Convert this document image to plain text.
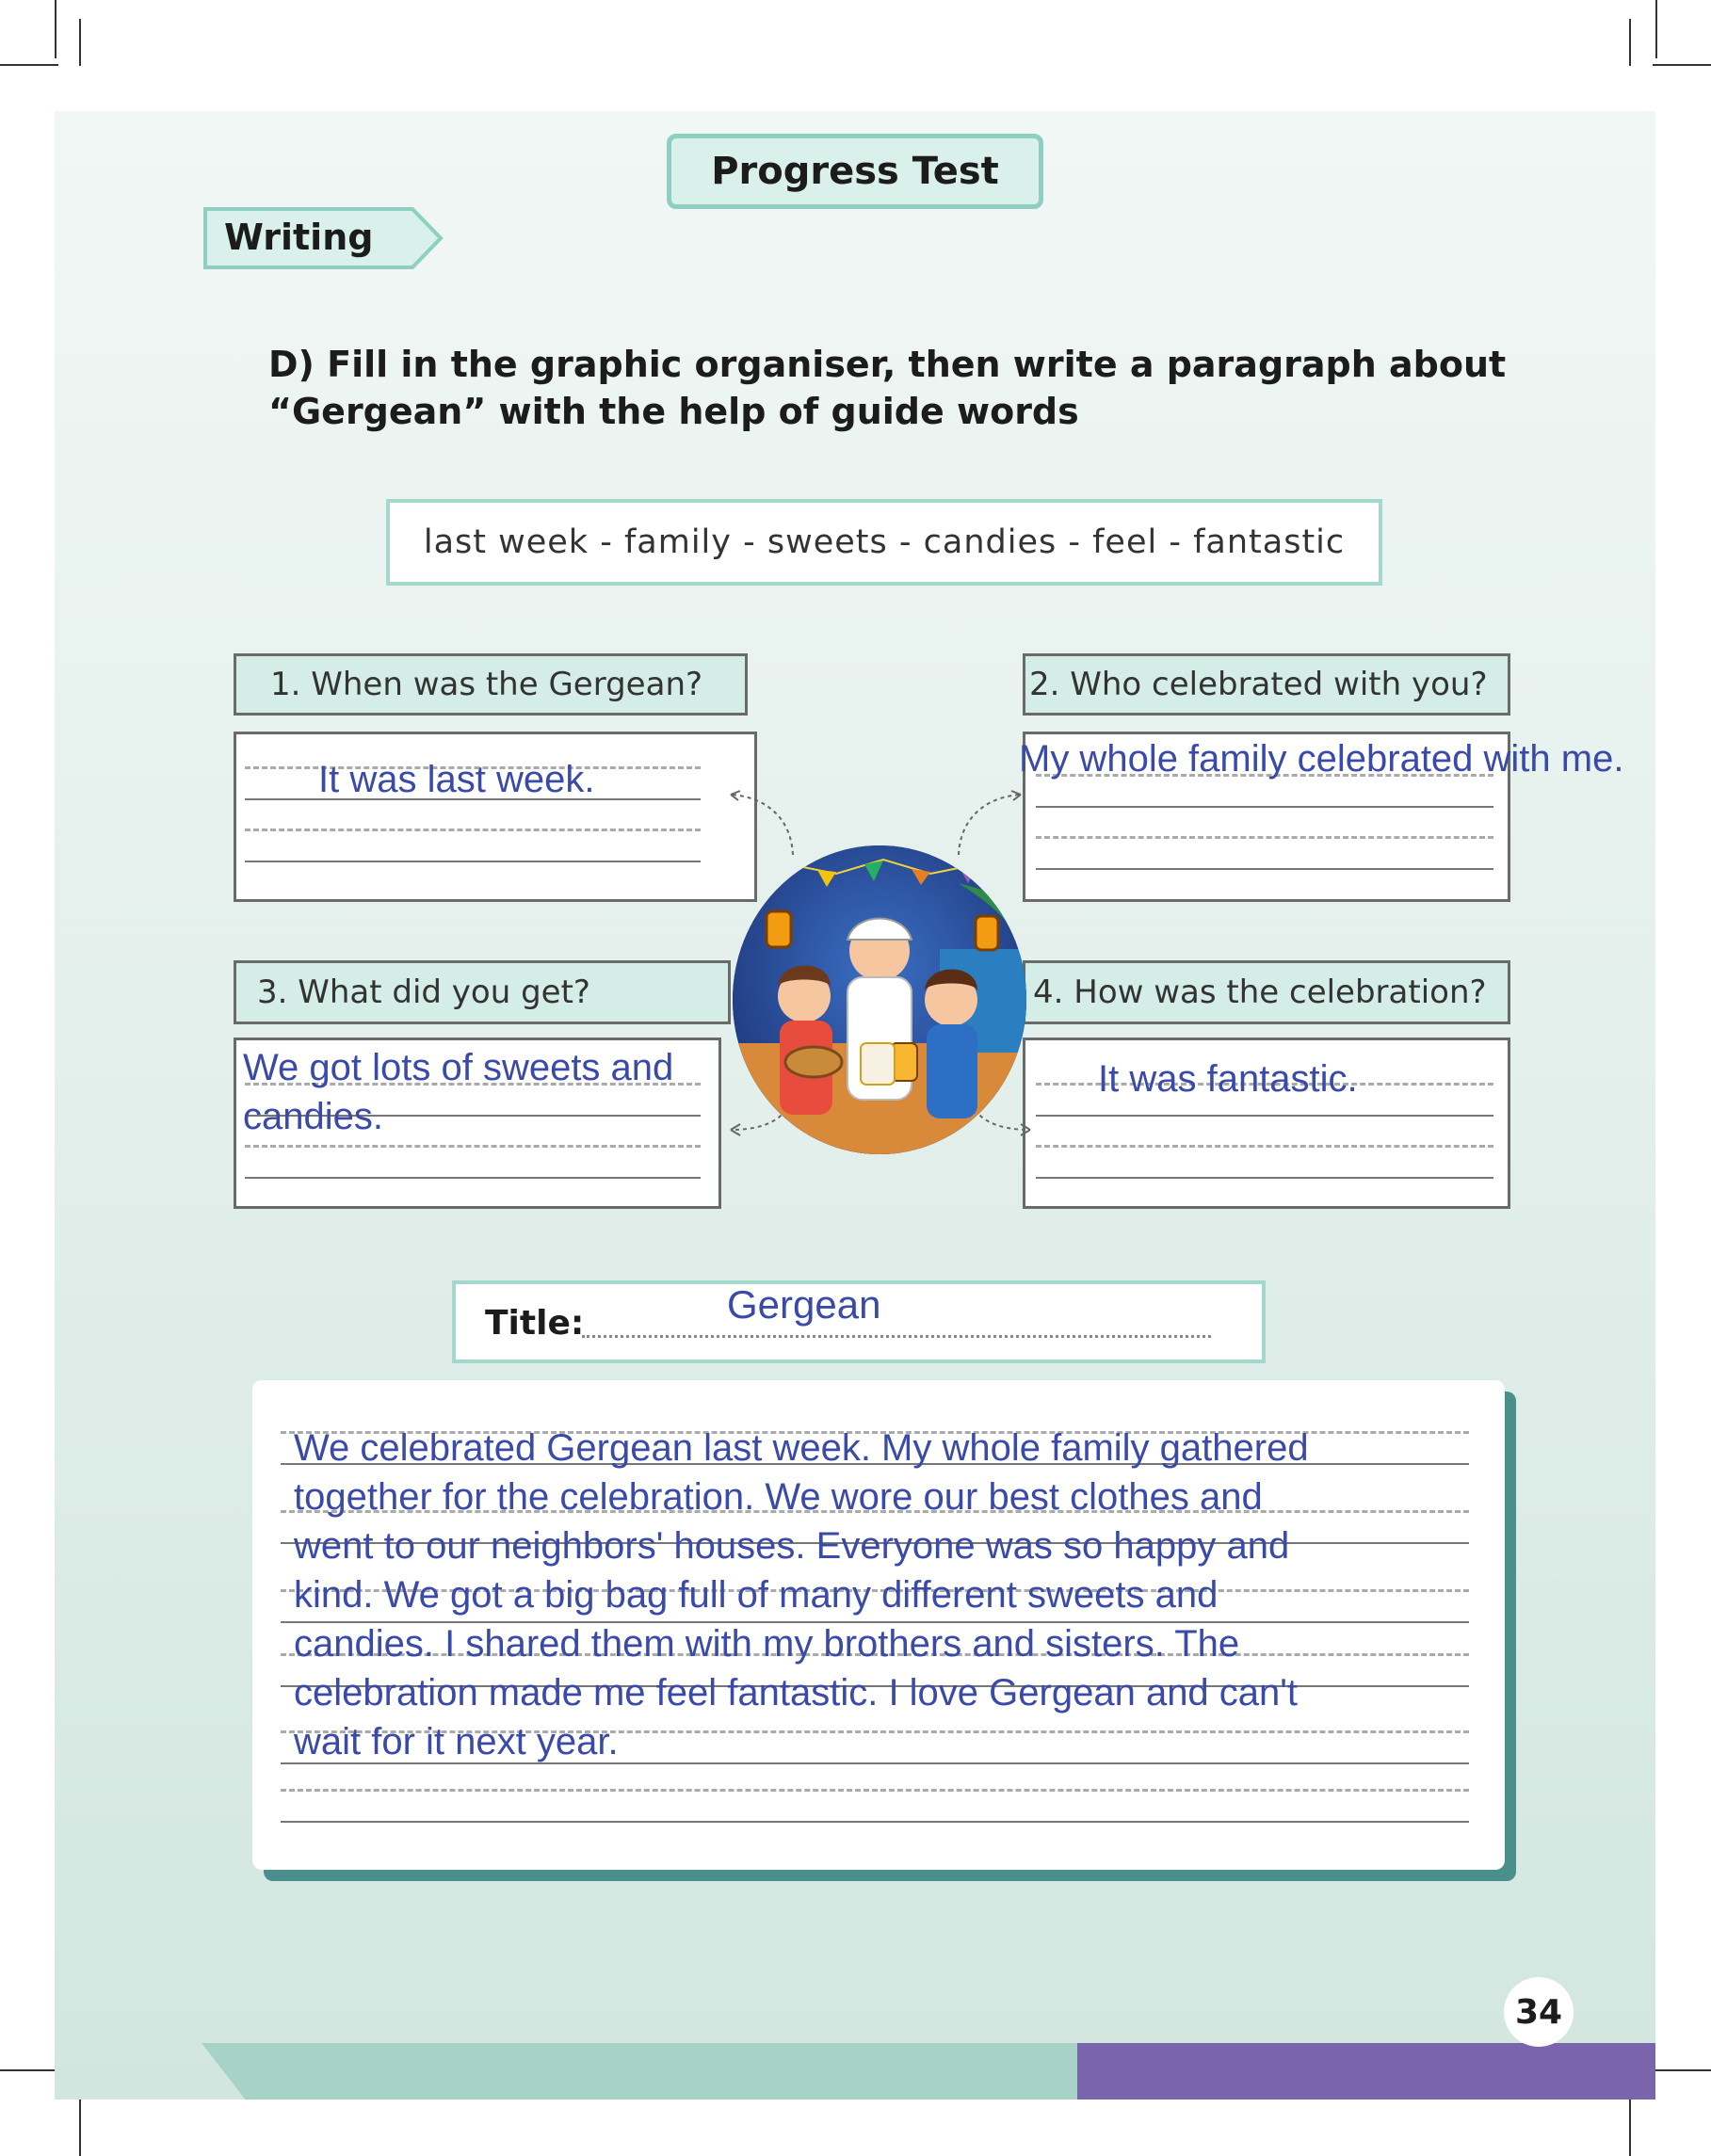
Progress Test
Writing
D) Fill in the graphic organiser, then write a paragraph about
“Gergean” with the help of guide words
last week - family - sweets - candies - feel - fantastic
1. When was the Gergean?
It was last week.
2. Who celebrated with you?
My whole family celebrated with me.
3. What did you get?
We got lots of sweets and
candies.
4. How was the celebration?
It was fantastic.
Title:	Gergean
We celebrated Gergean last week. My whole family gathered
together for the celebration. We wore our best clothes and
went to our neighbors' houses. Everyone was so happy and
kind. We got a big bag full of many different sweets and
candies. I shared them with my brothers and sisters. The
celebration made me feel fantastic. I love Gergean and can't
wait for it next year.
34
